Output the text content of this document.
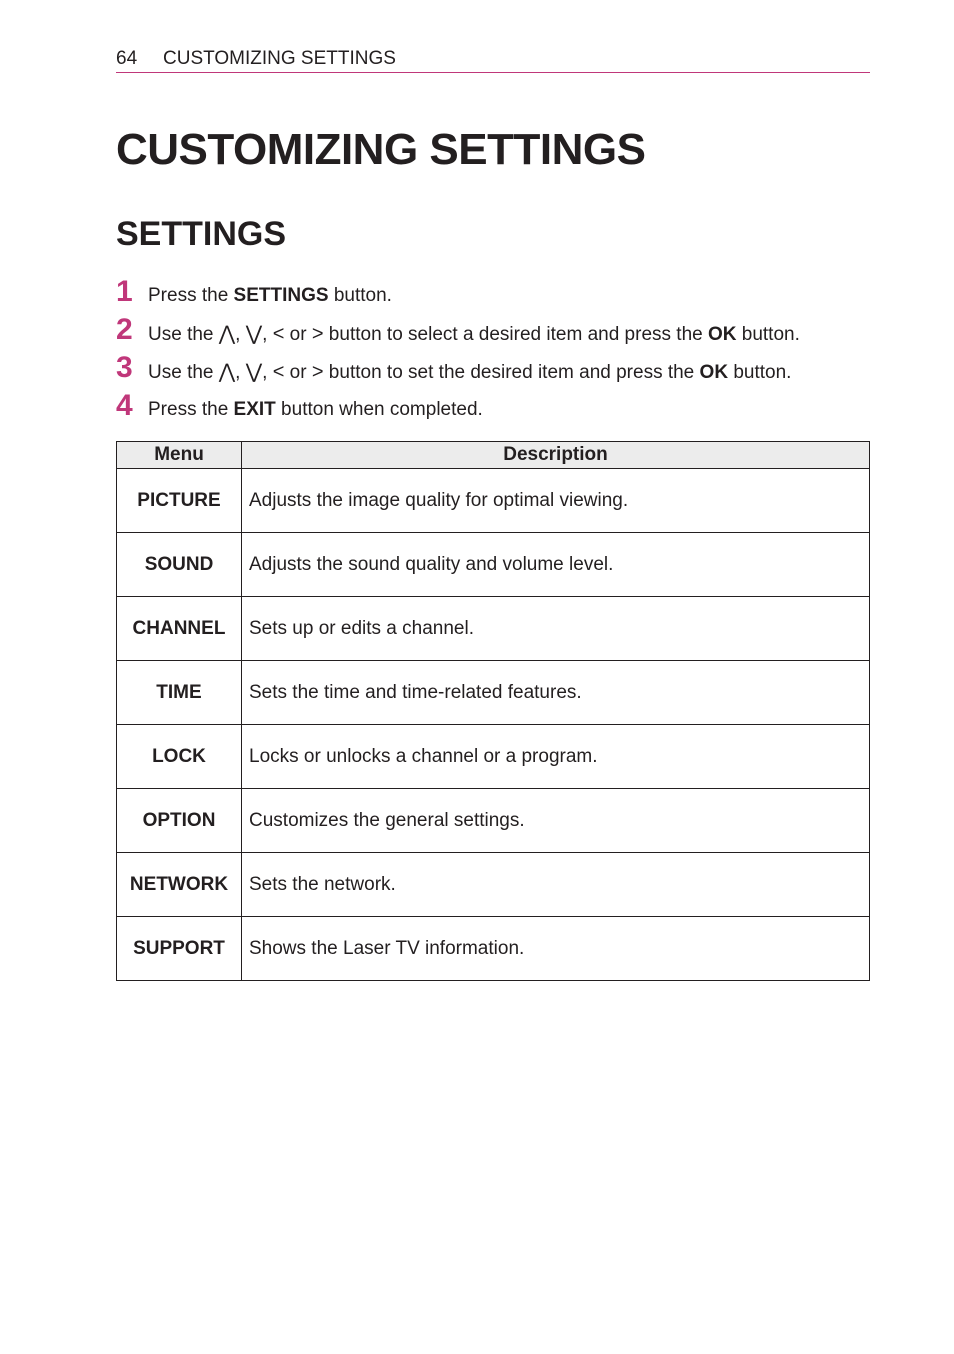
64 CUSTOMIZING SETTINGS
CUSTOMIZING SETTINGS
SETTINGS
1 Press the SETTINGS button.
2 Use the ⋀, ⋁, < or > button to select a desired item and press the OK button.
3 Use the ⋀, ⋁, < or > button to set the desired item and press the OK button.
4 Press the EXIT button when completed.
Menu	Description
PICTURE	Adjusts the image quality for optimal viewing.
SOUND	Adjusts the sound quality and volume level.
CHANNEL	Sets up or edits a channel.
TIME	Sets the time and time-related features.
LOCK	Locks or unlocks a channel or a program.
OPTION	Customizes the general settings.
NETWORK	Sets the network.
SUPPORT	Shows the Laser TV information.
